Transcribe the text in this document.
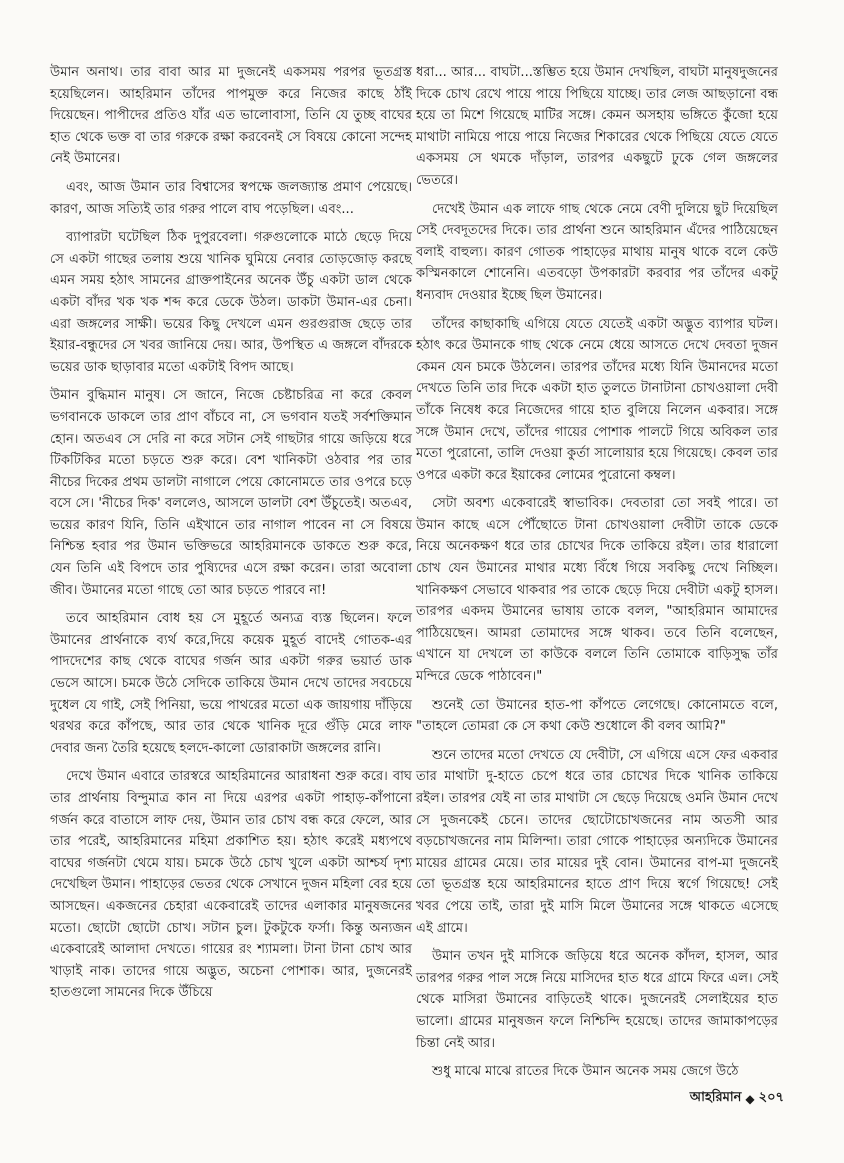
উমান অনাথ। তার বাবা আর মা দুজনেই একসময় পরপর ভূতগ্রস্ত হয়েছিলেন। আহরিমান তাঁদের পাপমুক্ত করে নিজের কাছে ঠাঁই দিয়েছেন। পাপীদের প্রতিও যাঁর এত ভালোবাসা, তিনি যে তুচ্ছ বাঘের হাত থেকে ভক্ত বা তার গরুকে রক্ষা করবেনই সে বিষয়ে কোনো সন্দেহ নেই উমানের।

এবং, আজ উমান তার বিশ্বাসের স্বপক্ষে জলজ্যান্ত প্রমাণ পেয়েছে। কারণ, আজ সত্যিই তার গরুর পালে বাঘ পড়েছিল। এবং...

ব্যাপারটা ঘটেছিল ঠিক দুপুরবেলা। গরুগুলোকে মাঠে ছেড়ে দিয়ে সে একটা গাছের তলায় শুয়ে খানিক ঘুমিয়ে নেবার তোড়জোড় করছে এমন সময় হঠাৎ সামনের গ্রাক্তপাইনের অনেক উঁচু একটা ডাল থেকে একটা বাঁদর খক খক শব্দ করে ডেকে উঠল। ডাকটা উমান-এর চেনা। এরা জঙ্গলের সাক্ষী। ভয়ের কিছু দেখলে এমন গুরগুরাজ ছেড়ে তার ইয়ার-বন্ধুদের সে খবর জানিয়ে দেয়। আর, উপস্থিত এ জঙ্গলে বাঁদরকে ভয়ের ডাক ছাড়াবার মতো একটাই বিপদ আছে।

উমান বুদ্ধিমান মানুষ। সে জানে, নিজে চেষ্টাচরিত্র না করে কেবল ভগবানকে ডাকলে তার প্রাণ বাঁচবে না, সে ভগবান যতই সর্বশক্তিমান হোন। অতএব সে দেরি না করে সটান সেই গাছটার গায়ে জড়িয়ে ধরে টিকটিকির মতো চড়তে শুরু করে। বেশ খানিকটা ওঠবার পর তার নীচের দিকের প্রথম ডালটা নাগালে পেয়ে কোনোমতে তার ওপরে চড়ে বসে সে। 'নীচের দিক' বললেও, আসলে ডালটা বেশ উঁচুতেই। অতএব, ভয়ের কারণ যিনি, তিনি এইখানে তার নাগাল পাবেন না সে বিষয়ে নিশ্চিন্ত হবার পর উমান ভক্তিভরে আহরিমানকে ডাকতে শুরু করে, যেন তিনি এই বিপদে তার পুষ্যিদের এসে রক্ষা করেন। তারা অবোলা জীব। উমানের মতো গাছে তো আর চড়তে পারবে না!

তবে আহরিমান বোধ হয় সে মুহূর্তে অন্যত্র ব্যস্ত ছিলেন। ফলে উমানের প্রার্থনাকে ব্যর্থ করে,দিয়ে কয়েক মুহূর্ত বাদেই গোতক-এর পাদদেশের কাছ থেকে বাঘের গর্জন আর একটা গরুর ভয়ার্ত ডাক ভেসে আসে। চমকে উঠে সেদিকে তাকিয়ে উমান দেখে তাদের সবচেয়ে দুধেল যে গাই, সেই পিনিয়া, ভয়ে পাথরের মতো এক জায়গায় দাঁড়িয়ে থরথর করে কাঁপছে, আর তার থেকে খানিক দূরে গুঁড়ি মেরে লাফ দেবার জন্য তৈরি হয়েছে হলদে-কালো ডোরাকাটা জঙ্গলের রানি।

দেখে উমান এবারে তারস্বরে আহরিমানের আরাধনা শুরু করে। বাঘ তার প্রার্থনায় বিন্দুমাত্র কান না দিয়ে এরপর একটা পাহাড়-কাঁপানো গর্জন করে বাতাসে লাফ দেয়, উমান তার চোখ বন্ধ করে ফেলে, আর তার পরেই, আহরিমানের মহিমা প্রকাশিত হয়। হঠাৎ করেই মধ্যপথে বাঘের গর্জনটা থেমে যায়। চমকে উঠে চোখ খুলে একটা আশ্চর্য দৃশ্য দেখেছিল উমান। পাহাড়ের ভেতর থেকে সেখানে দুজন মহিলা বের হয়ে আসছেন। একজনের চেহারা একেবারেই তাদের এলাকার মানুষজনের মতো। ছোটো ছোটো চোখ। সটান চুল। টুকটুকে ফর্সা। কিন্তু অন্যজন একেবারেই আলাদা দেখতে। গায়ের রং শ্যামলা। টানা টানা চোখ আর খাড়াই নাক। তাদের গায়ে অদ্ভুত, অচেনা পোশাক। আর, দুজনেরই হাতগুলো সামনের দিকে উঁচিয়ে

ধরা... আর... বাঘটা...স্তম্ভিত হয়ে উমান দেখছিল, বাঘটা মানুষদুজনের দিকে চোখ রেখে পায়ে পায়ে পিছিয়ে যাচ্ছে। তার লেজ আছড়ানো বন্ধ হয়ে তা মিশে গিয়েছে মাটির সঙ্গে। কেমন অসহায় ভঙ্গিতে কুঁজো হয়ে মাথাটা নামিয়ে পায়ে পায়ে নিজের শিকারের থেকে পিছিয়ে যেতে যেতে একসময় সে থমকে দাঁড়াল, তারপর একছুটে ঢুকে গেল জঙ্গলের ভেতরে।

দেখেই উমান এক লাফে গাছ থেকে নেমে বেণী দুলিয়ে ছুট দিয়েছিল সেই দেবদূতদের দিকে। তার প্রার্থনা শুনে আহরিমান এঁদের পাঠিয়েছেন বলাই বাহুল্য। কারণ গোতক পাহাড়ের মাথায় মানুষ থাকে বলে কেউ কস্মিনকালে শোনেনি। এতবড়ো উপকারটা করবার পর তাঁদের একটু ধন্যবাদ দেওয়ার ইচ্ছে ছিল উমানের।

তাঁদের কাছাকাছি এগিয়ে যেতে যেতেই একটা অদ্ভুত ব্যাপার ঘটল। হঠাৎ করে উমানকে গাছ থেকে নেমে ধেয়ে আসতে দেখে দেবতা দুজন কেমন যেন চমকে উঠলেন। তারপর তাঁদের মধ্যে যিনি উমানদের মতো দেখতে তিনি তার দিকে একটা হাত তুলতে টানাটানা চোখওয়ালা দেবী তাঁকে নিষেধ করে নিজেদের গায়ে হাত বুলিয়ে নিলেন একবার। সঙ্গে সঙ্গে উমান দেখে, তাঁদের গায়ের পোশাক পালটে গিয়ে অবিকল তার মতো পুরোনো, তালি দেওয়া কুর্তা সালোয়ার হয়ে গিয়েছে। কেবল তার ওপরে একটা করে ইয়াকের লোমের পুরোনো কম্বল।

সেটা অবশ্য একেবারেই স্বাভাবিক। দেবতারা তো সবই পারে। তা উমান কাছে এসে পৌঁছোতে টানা চোখওয়ালা দেবীটা তাকে ডেকে নিয়ে অনেকক্ষণ ধরে তার চোখের দিকে তাকিয়ে রইল। তার ধারালো চোখ যেন উমানের মাথার মধ্যে বিঁধে গিয়ে সবকিছু দেখে নিচ্ছিল। খানিকক্ষণ সেভাবে থাকবার পর তাকে ছেড়ে দিয়ে দেবীটা একটু হাসল। তারপর একদম উমানের ভাষায় তাকে বলল, "আহরিমান আমাদের পাঠিয়েছেন। আমরা তোমাদের সঙ্গে থাকব। তবে তিনি বলেছেন, এখানে যা দেখলে তা কাউকে বললে তিনি তোমাকে বাড়িসুদ্ধ তাঁর মন্দিরে ডেকে পাঠাবেন।"

শুনেই তো উমানের হাত-পা কাঁপতে লেগেছে। কোনোমতে বলে, "তাহলে তোমরা কে সে কথা কেউ শুধোলে কী বলব আমি?"

শুনে তাদের মতো দেখতে যে দেবীটা, সে এগিয়ে এসে ফের একবার তার মাথাটা দু-হাতে চেপে ধরে তার চোখের দিকে খানিক তাকিয়ে রইল। তারপর যেই না তার মাথাটা সে ছেড়ে দিয়েছে ওমনি উমান দেখে সে দুজনকেই চেনে। তাদের ছোটোচোখজনের নাম অতসী আর বড়চোখজনের নাম মিলিন্দা। তারা গোকে পাহাড়ের অন্যদিকে উমানের মায়ের গ্রামের মেয়ে। তার মায়ের দুই বোন। উমানের বাপ-মা দুজনেই তো ভূতগ্রস্ত হয়ে আহরিমানের হাতে প্রাণ দিয়ে স্বর্গে গিয়েছে! সেই খবর পেয়ে তাই, তারা দুই মাসি মিলে উমানের সঙ্গে থাকতে এসেছে এই গ্রামে।

উমান তখন দুই মাসিকে জড়িয়ে ধরে অনেক কাঁদল, হাসল, আর তারপর গরুর পাল সঙ্গে নিয়ে মাসিদের হাত ধরে গ্রামে ফিরে এল। সেই থেকে মাসিরা উমানের বাড়িতেই থাকে। দুজনেরই সেলাইয়ের হাত ভালো। গ্রামের মানুষজন ফলে নিশ্চিন্দি হয়েছে। তাদের জামাকাপড়ের চিন্তা নেই আর।

শুধু মাঝে মাঝে রাতের দিকে উমান অনেক সময় জেগে উঠে

আহরিমান ◆ ২০৭
